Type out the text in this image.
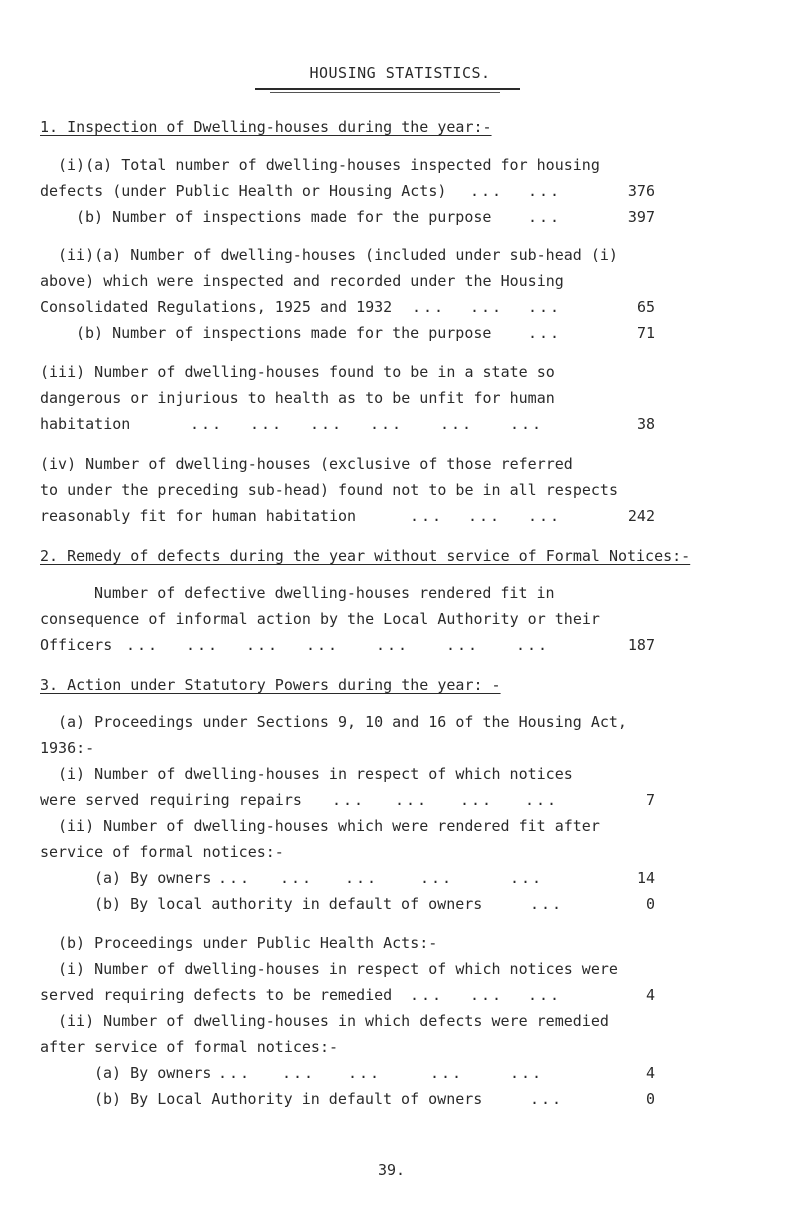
HOUSING STATISTICS.
1. Inspection of Dwelling-houses during the year:-
(i)(a) Total number of dwelling-houses inspected for housing
defects (under Public Health or Housing Acts) ... ...	376
(b) Number of inspections made for the purpose ...	397
(ii)(a) Number of dwelling-houses (included under sub-head (i)
above) which were inspected and recorded under the Housing
Consolidated Regulations, 1925 and 1932 ... ... ...	65
(b) Number of inspections made for the purpose ...	71
(iii) Number of dwelling-houses found to be in a state so
dangerous or injurious to health as to be unfit for human
habitation	... ... ... ... ... ...	38
(iv) Number of dwelling-houses (exclusive of those referred
to under the preceding sub-head) found not to be in all respects
reasonably fit for human habitation	... ... ...	242
2. Remedy of defects during the year without service of Formal Notices:-
Number of defective dwelling-houses rendered fit in
consequence of informal action by the Local Authority or their
Officers ... ... ... ... ... ... ...	187
3. Action under Statutory Powers during the year: -
(a) Proceedings under Sections 9, 10 and 16 of the Housing Act,
1936:-
(i) Number of dwelling-houses in respect of which notices
were served requiring repairs ... ... ... ...	7
(ii) Number of dwelling-houses which were rendered fit after
service of formal notices:-
(a) By owners ... ... ...	...	...	14
(b) By local authority in default of owners	...	0
(b) Proceedings under Public Health Acts:-
(i) Number of dwelling-houses in respect of which notices were
served requiring defects to be remedied ... ... ...	4
(ii) Number of dwelling-houses in which defects were remedied
after service of formal notices:-
(a) By owners ... ... ...	...	...	4
(b) By Local Authority in default of owners	...	0
39.
